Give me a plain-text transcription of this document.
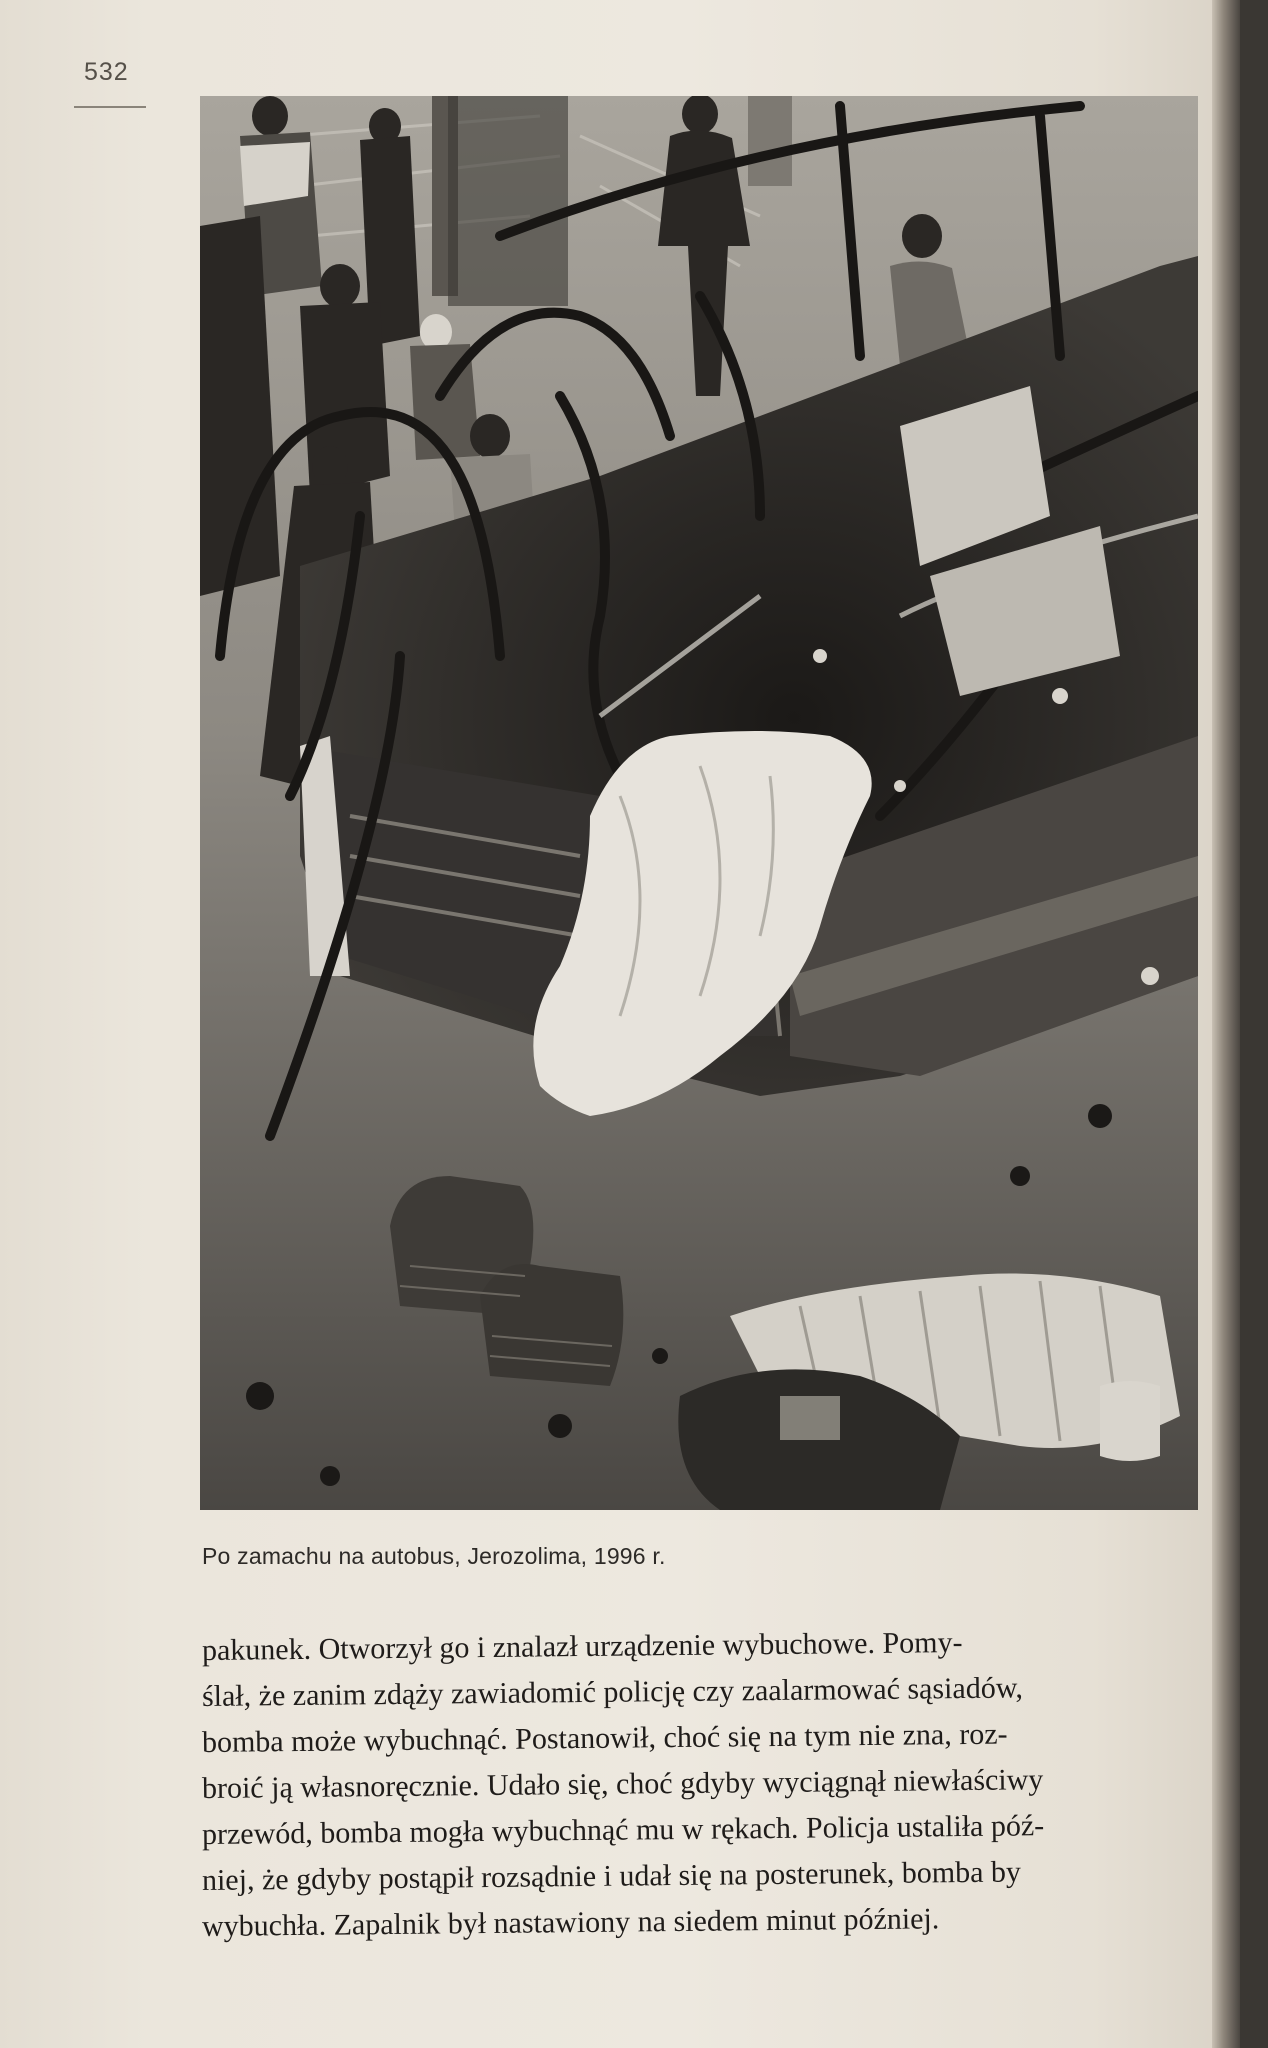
532
Po zamachu na autobus, Jerozolima, 1996 r.
pakunek. Otworzył go i znalazł urządzenie wybuchowe. Pomy-
ślał, że zanim zdąży zawiadomić policję czy zaalarmować sąsiadów,
bomba może wybuchnąć. Postanowił, choć się na tym nie zna, roz-
broić ją własnoręcznie. Udało się, choć gdyby wyciągnął niewłaściwy
przewód, bomba mogła wybuchnąć mu w rękach. Policja ustaliła póź-
niej, że gdyby postąpił rozsądnie i udał się na posterunek, bomba by
wybuchła. Zapalnik był nastawiony na siedem minut później.
